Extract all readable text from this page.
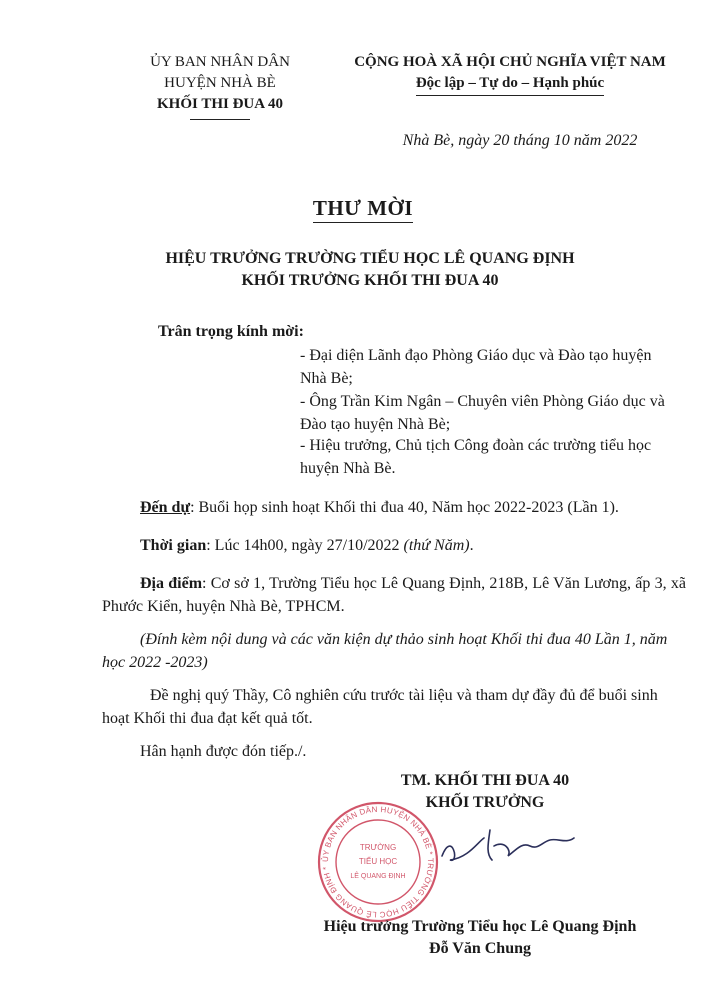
ỦY BAN NHÂN DÂN
HUYỆN NHÀ BÈ
KHỐI THI ĐUA 40
CỘNG HOÀ XÃ HỘI CHỦ NGHĨA VIỆT NAM
Độc lập – Tự do – Hạnh phúc
Nhà Bè, ngày 20 tháng 10 năm 2022
THƯ MỜI
HIỆU TRƯỞNG TRƯỜNG TIỂU HỌC LÊ QUANG ĐỊNH
KHỐI TRƯỞNG KHỐI THI ĐUA 40
Trân trọng kính mời:
- Đại diện Lãnh đạo Phòng Giáo dục và Đào tạo huyện Nhà Bè;
- Ông Trần Kim Ngân – Chuyên viên Phòng Giáo dục và Đào tạo huyện Nhà Bè;
- Hiệu trưởng, Chủ tịch Công đoàn các trường tiểu học huyện Nhà Bè.
Đến dự: Buổi họp sinh hoạt Khối thi đua 40, Năm học 2022-2023 (Lần 1).
Thời gian: Lúc 14h00, ngày 27/10/2022 (thứ Năm).
Địa điểm: Cơ sở 1, Trường Tiểu học Lê Quang Định, 218B, Lê Văn Lương, ấp 3, xã Phước Kiển, huyện Nhà Bè, TPHCM.
(Đính kèm nội dung và các văn kiện dự thảo sinh hoạt Khối thi đua 40 Lần 1, năm học 2022 -2023)
Đề nghị quý Thầy, Cô nghiên cứu trước tài liệu và tham dự đầy đủ để buổi sinh hoạt Khối thi đua đạt kết quả tốt.
Hân hạnh được đón tiếp./.
TM. KHỐI THI ĐUA 40
KHỐI TRƯỞNG
ỦY BAN NHÂN DÂN HUYỆN NHÀ BÈ * TRƯỜNG TIỂU HỌC LÊ QUANG ĐỊNH *
TRƯỜNG
TIỂU HỌC
LÊ QUANG ĐỊNH
Hiệu trưởng Trường Tiểu học Lê Quang Định
Đỗ Văn Chung
